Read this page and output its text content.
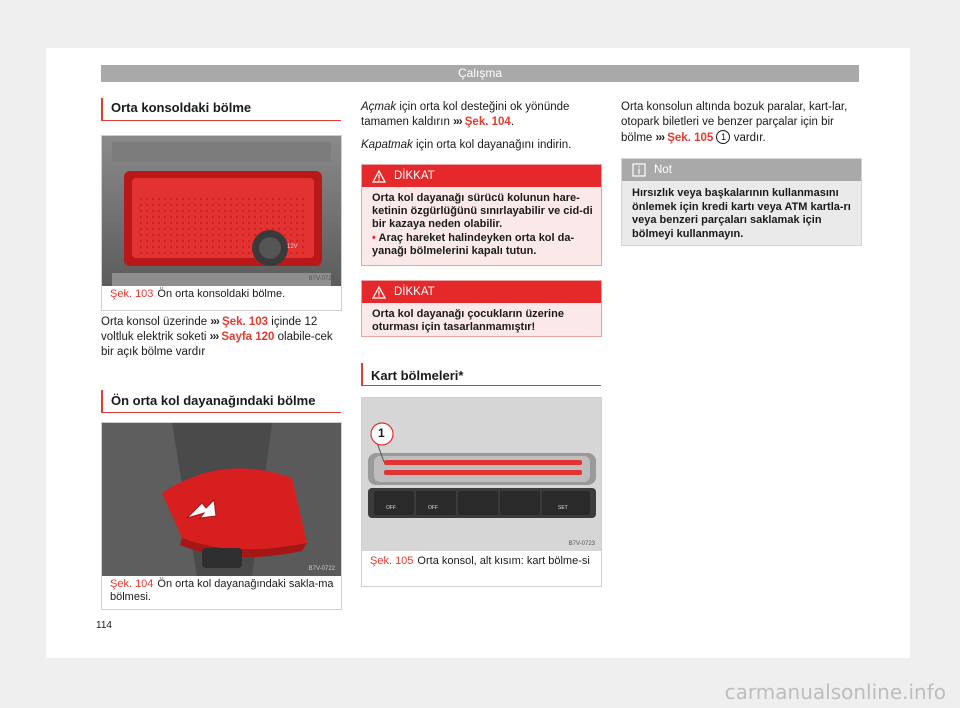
Çalışma
Orta konsoldaki bölme
B7V-0721
12V
Şek. 103 Ön orta konsoldaki bölme.
Orta konsol üzerinde ››› Şek. 103 içinde 12 voltluk elektrik soketi ››› Sayfa 120 olabile-cek bir açık bölme vardır
Ön orta kol dayanağındaki bölme
B7V-0722
Şek. 104 Ön orta kol dayanağındaki sakla-ma bölmesi.
Açmak için orta kol desteğini ok yönünde tamamen kaldırın ››› Şek. 104.
Kapatmak için orta kol dayanağını indirin.
DİKKAT
Orta kol dayanağı sürücü kolunun hare-ketinin özgürlüğünü sınırlayabilir ve cid-di bir kazaya neden olabilir.
• Araç hareket halindeyken orta kol da-yanağı bölmelerini kapalı tutun.
DİKKAT
Orta kol dayanağı çocukların üzerine oturması için tasarlanmamıştır!
Kart bölmeleri*
1
OFF	OFF	SET
B7V-0723
Şek. 105 Orta konsol, alt kısım: kart bölme-si
Orta konsolun altında bozuk paralar, kart-lar, otopark biletleri ve benzer parçalar için bir bölme ››› Şek. 105 1 vardır.
Not
Hırsızlık veya başkalarının kullanmasını önlemek için kredi kartı veya ATM kartla-rı veya benzeri parçaları saklamak için bölmeyi kullanmayın.
114
carmanualsonline.info
